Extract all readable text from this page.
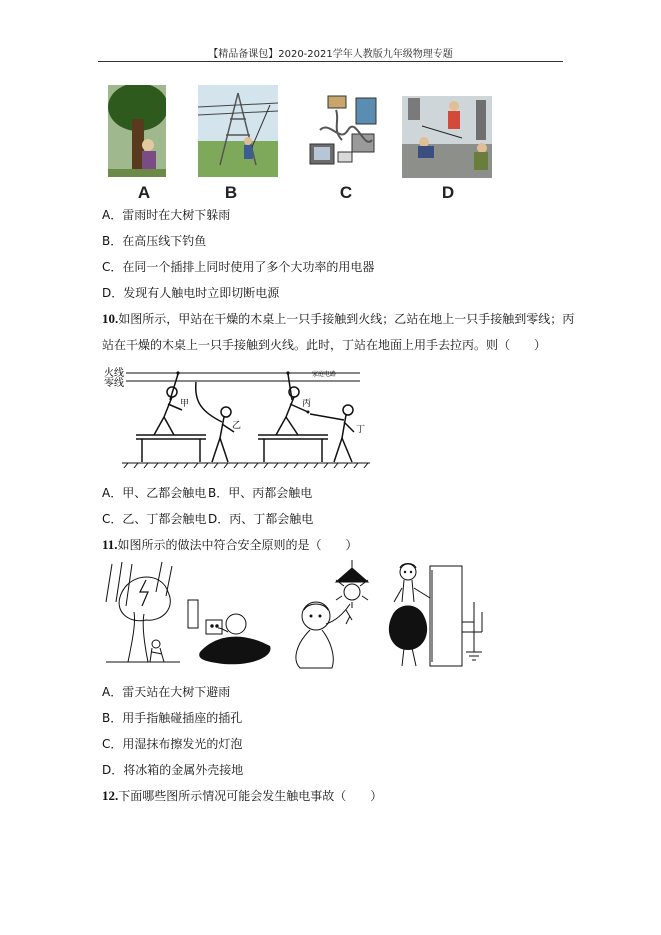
【精品备课包】2020-2021学年人教版九年级物理专题
A	B	C	D
A．雷雨时在大树下躲雨
B．在高压线下钓鱼
C．在同一个插排上同时使用了多个大功率的用电器
D．发现有人触电时立即切断电源
10.如图所示，甲站在干燥的木桌上一只手接触到火线；乙站在地上一只手接触到零线；丙
站在干燥的木桌上一只手接触到火线。此时，丁站在地面上用手去拉丙。则（　　）
火线
零线
家庭电路
甲
乙
丙
丁
A．甲、乙都会触电 B．甲、丙都会触电
C．乙、丁都会触电 D．丙、丁都会触电
11.如图所示的做法中符合安全原则的是（　　）
A．雷天站在大树下避雨
B．用手指触碰插座的插孔
C．用湿抹布擦发光的灯泡
D．将冰箱的金属外壳接地
12.下面哪些图所示情况可能会发生触电事故（　　）
